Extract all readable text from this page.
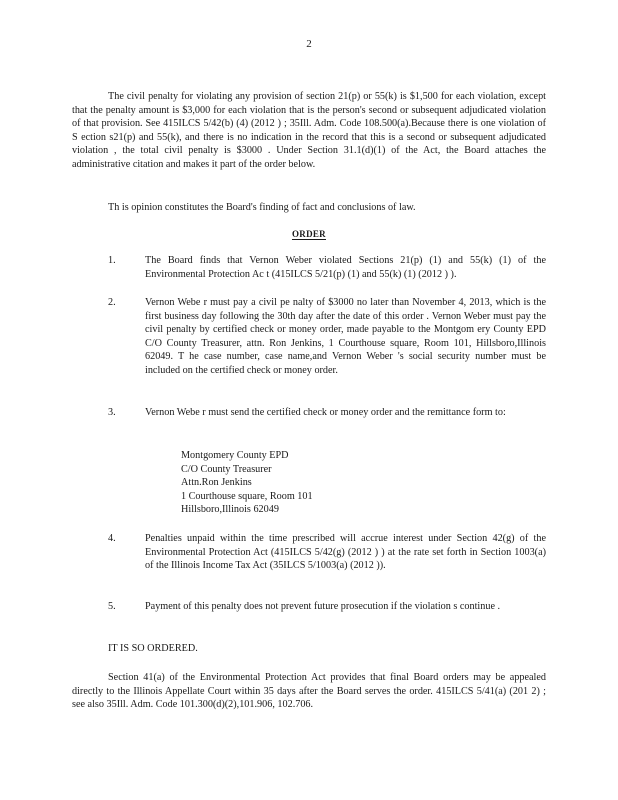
2
The civil penalty for violating any provision of section 21(p) or 55(k) is $1,500 for each violation, except that the penalty amount is $3,000 for each violation that is the person's second or subsequent adjudicated violation of that provision. See 415ILCS 5/42(b) (4) (2012 ) ; 35Ill. Adm. Code 108.500(a).Because there is one violation of S ection s21(p) and 55(k), and there is no indication in the record that this is a second or subsequent adjudicated violation , the total civil penalty is $3000 . Under Section 31.1(d)(1) of the Act, the Board attaches the administrative citation and makes it part of the order below.
Th is opinion constitutes the Board's finding of fact and conclusions of law.
ORDER
1.	The Board finds that Vernon Weber violated Sections 21(p) (1) and 55(k) (1) of the Environmental Protection Ac t (415ILCS 5/21(p) (1) and 55(k) (1) (2012 ) ).
2.	Vernon Webe r must pay a civil pe nalty of $3000 no later than November 4, 2013, which is the first business day following the 30th day after the date of this order . Vernon Weber must pay the civil penalty by certified check or money order, made payable to the Montgom ery County EPD C/O County Treasurer, attn. Ron Jenkins, 1 Courthouse square, Room 101, Hillsboro,Illinois 62049. T he case number, case name,and Vernon Weber 's social security number must be included on the certified check or money order.
3.	Vernon Webe r must send the certified check or money order and the remittance form to:
Montgomery County EPD
C/O County Treasurer
Attn.Ron Jenkins
1 Courthouse square, Room 101
Hillsboro,Illinois 62049
4.	Penalties unpaid within the time prescribed will accrue interest under Section 42(g) of the Environmental Protection Act (415ILCS 5/42(g) (2012 ) ) at the rate set forth in Section 1003(a) of the Illinois Income Tax Act (35ILCS 5/1003(a) (2012 )).
5.	Payment of this penalty does not prevent future prosecution if the violation s continue .
IT IS SO ORDERED.
Section 41(a) of the Environmental Protection Act provides that final Board orders may be appealed directly to the Illinois Appellate Court within 35 days after the Board serves the order. 415ILCS 5/41(a) (201 2) ; see also 35Ill. Adm. Code 101.300(d)(2),101.906, 102.706.
